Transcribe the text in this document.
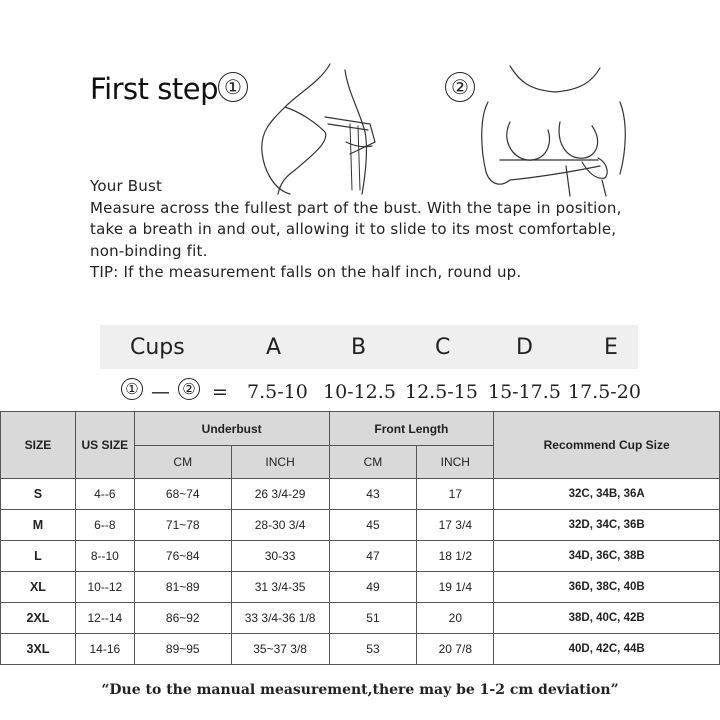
First step ①	②
Your Bust
Measure across the fullest part of the bust. With the tape in position,
take a breath in and out, allowing it to slide to its most comfortable,
non-binding fit.
TIP: If the measurement falls on the half inch, round up.
Cups	A	B	C	D	E
① — ② = 7.5-10 10-12.5 12.5-15 15-17.5 17.5-20
SIZE	US SIZE	Underbust		Front Length		Recommend Cup Size
		CM	INCH	CM	INCH	
S	4--6	68~74	26 3/4-29	43	17	32C, 34B, 36A
M	6--8	71~78	28-30 3/4	45	17 3/4	32D, 34C, 36B
L	8--10	76~84	30-33	47	18 1/2	34D, 36C, 38B
XL	10--12	81~89	31 3/4-35	49	19 1/4	36D, 38C, 40B
2XL	12--14	86~92	33 3/4-36 1/8	51	20	38D, 40C, 42B
3XL	14-16	89~95	35~37 3/8	53	20 7/8	40D, 42C, 44B
“Due to the manual measurement,there may be 1-2 cm deviation”
